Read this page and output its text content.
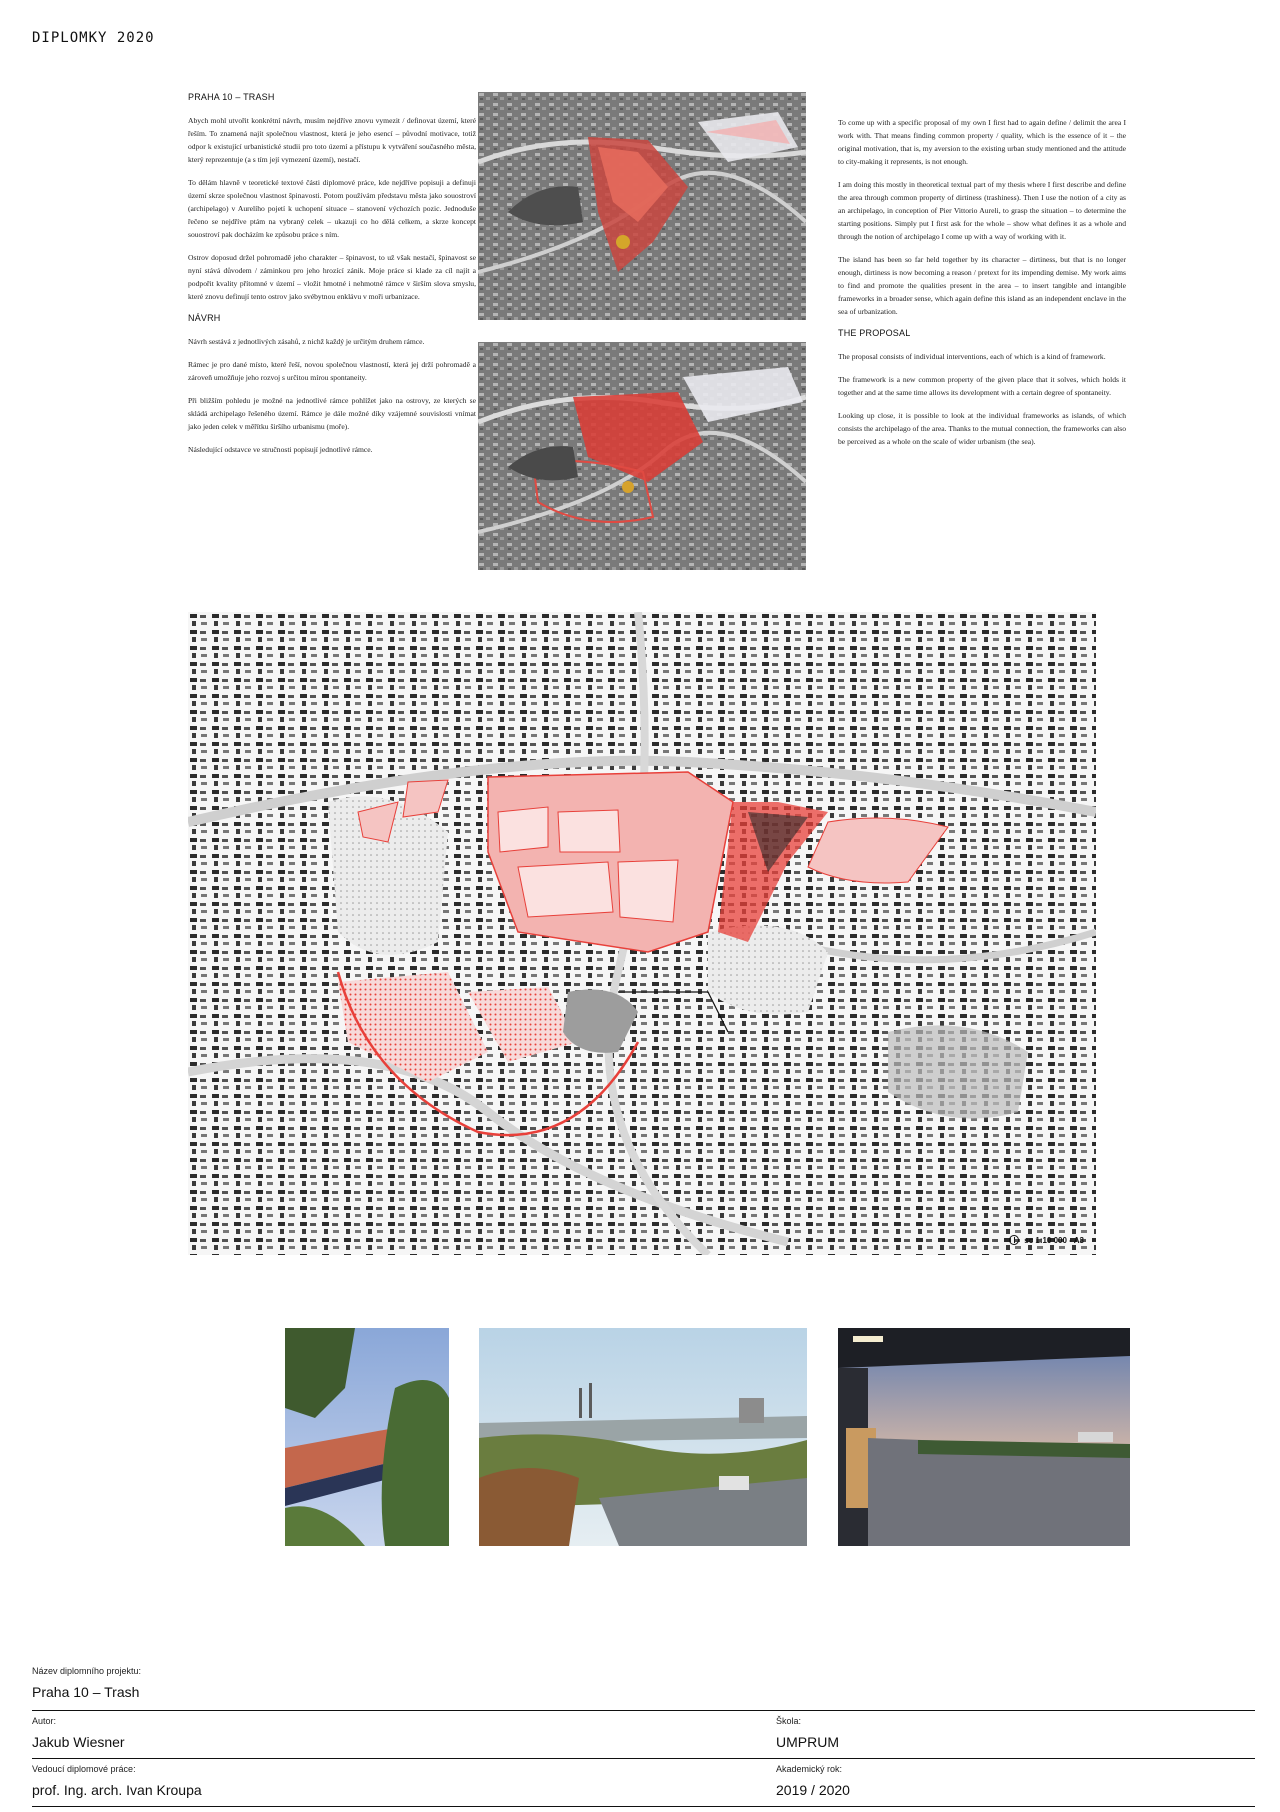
DIPLOMKY 2020
PRAHA 10 – TRASH

Abych mohl utvořit konkrétní návrh, musím nejdříve znovu vymezit / definovat území, které řeším. To znamená najít společnou vlastnost, která je jeho esencí – původní motivace, totiž odpor k existující urbanistické studii pro toto území a přístupu k vytváření současného města, který reprezentuje (a s tím její vymezení území), nestačí.

To dělám hlavně v teoretické textové části diplomové práce, kde nejdříve popisuji a definuji území skrze společnou vlastnost špinavosti. Potom používám představu města jako souostroví (archipelago) v Aurelího pojetí k uchopení situace – stanovení výchozích pozic. Jednoduše řečeno se nejdříve ptám na vybraný celek – ukazuji co ho dělá celkem, a skrze koncept souostroví pak docházím ke způsobu práce s ním.

Ostrov doposud držel pohromadě jeho charakter – špinavost, to už však nestačí, špinavost se nyní stává důvodem / záminkou pro jeho hrozící zánik. Moje práce si klade za cíl najít a podpořit kvality přítomné v území – vložit hmotné i nehmotné rámce v širším slova smyslu, které znovu definují tento ostrov jako svébytnou enklávu v moři urbanizace.

NÁVRH

Návrh sestává z jednotlivých zásahů, z nichž každý je určitým druhem rámce.

Rámec je pro dané místo, které řeší, novou společnou vlastností, která jej drží pohromadě a zároveň umožňuje jeho rozvoj s určitou mírou spontaneity.

Při bližším pohledu je možné na jednotlivé rámce pohlížet jako na ostrovy, ze kterých se skládá archipelago řešeného území. Rámce je dále možné díky vzájemné souvislosti vnímat jako jeden celek v měřítku širšího urbanismu (moře).

Následující odstavce ve stručnosti popisují jednotlivé rámce.

To come up with a specific proposal of my own I first had to again define / delimit the area I work with. That means finding common property / quality, which is the essence of it – the original motivation, that is, my aversion to the existing urban study mentioned and the attitude to city-making it represents, is not enough.

I am doing this mostly in theoretical textual part of my thesis where I first describe and define the area through common property of dirtiness (trashiness). Then I use the notion of a city as an archipelago, in conception of Pier Vittorio Aureli, to grasp the situation – to determine the starting positions. Simply put I first ask for the whole – show what defines it as a whole and through the notion of archipelago I come up with a way of working with it.

The island has been so far held together by its character – dirtiness, but that is no longer enough, dirtiness is now becoming a reason / pretext for its impending demise. My work aims to find and promote the qualities present in the area – to insert tangible and intangible frameworks in a broader sense, which again define this island as an independent enclave in the sea of urbanization.

THE PROPOSAL

The proposal consists of individual interventions, each of which is a kind of framework.

The framework is a new common property of the given place that it solves, which holds it together and at the same time allows its development with a certain degree of spontaneity.

Looking up close, it is possible to look at the individual frameworks as islands, of which consists the archipelago of the area. Thanks to the mutual connection, the frameworks can also be perceived as a whole on the scale of wider urbanism (the sea).

sc 1:10 000 - A3
Název diplomního projektu:
Praha 10 – Trash
Autor:
Jakub Wiesner
Škola:
UMPRUM
Vedoucí diplomové práce:
prof. Ing. arch. Ivan Kroupa
Akademický rok:
2019 / 2020
